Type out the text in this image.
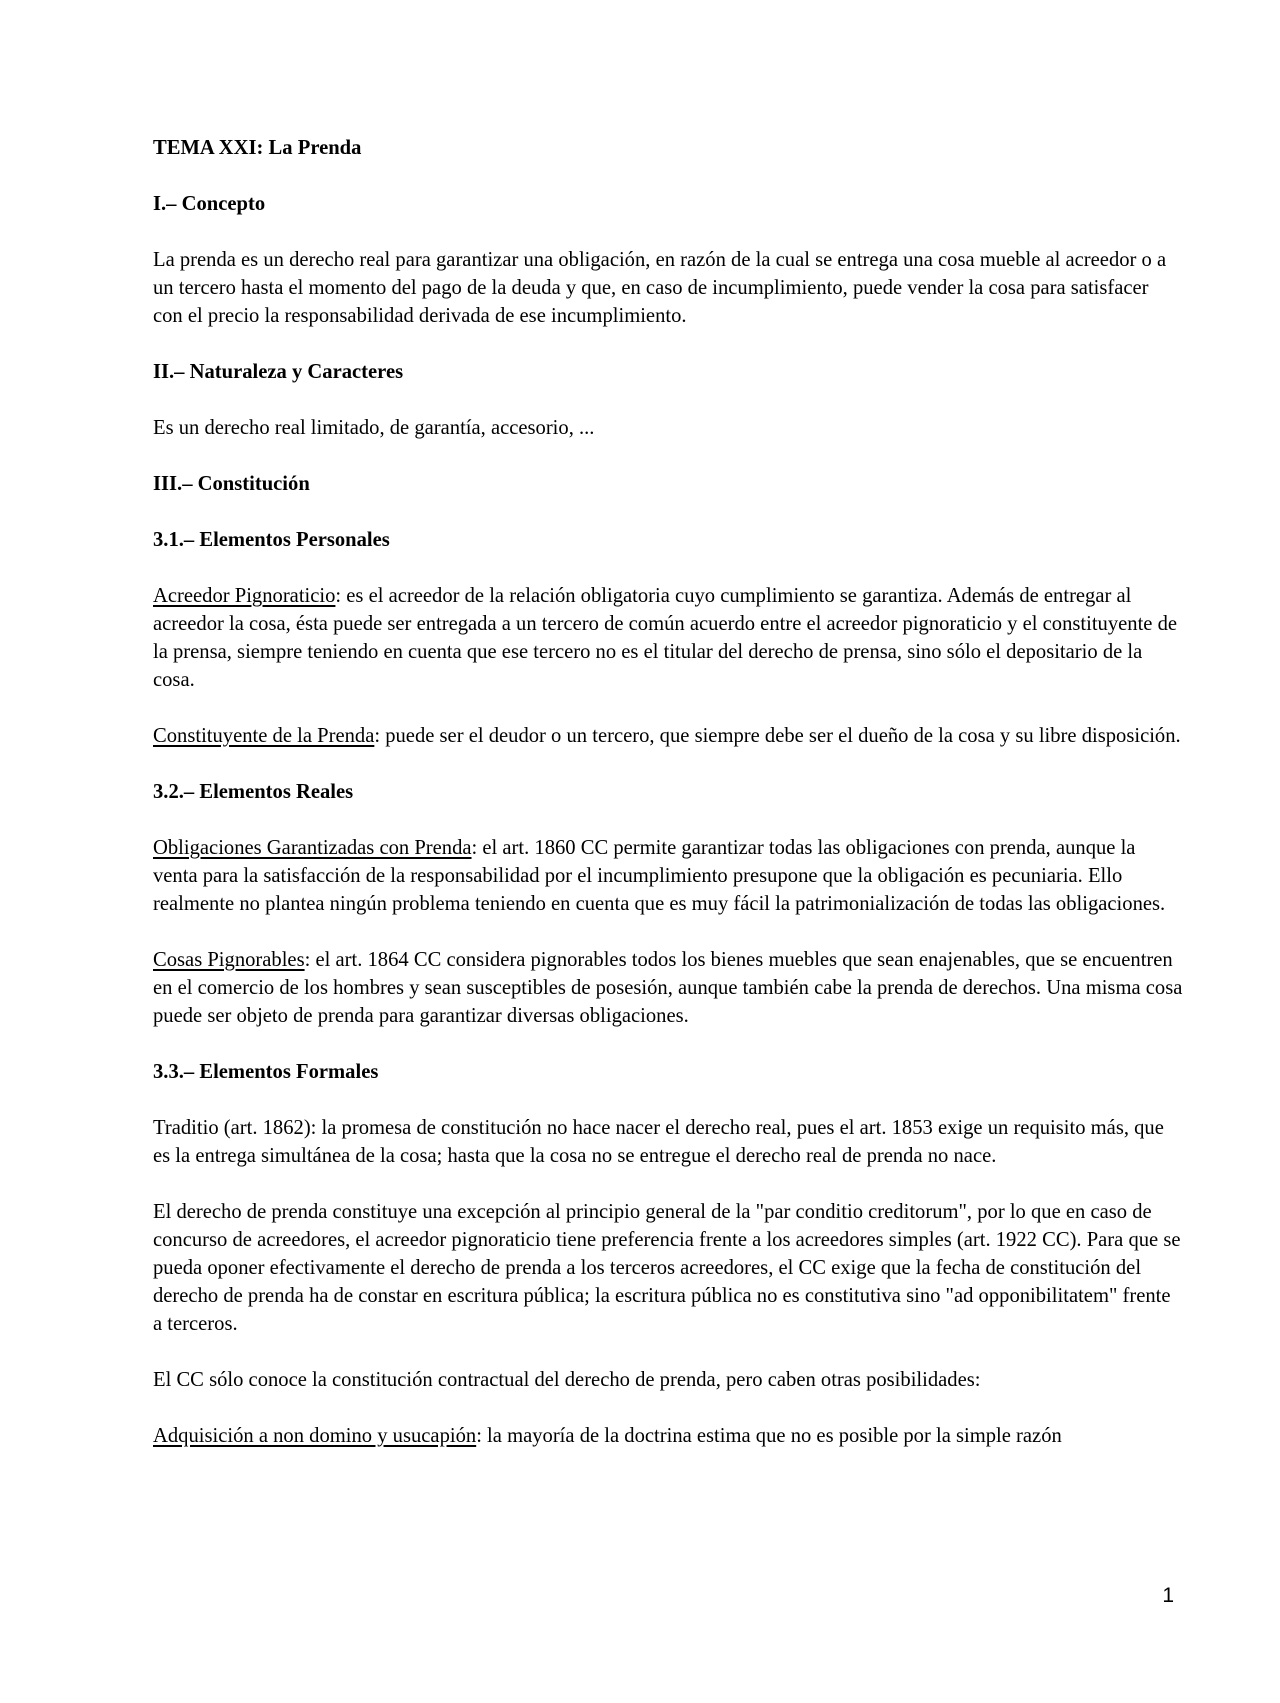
TEMA XXI: La Prenda
I.– Concepto
La prenda es un derecho real para garantizar una obligación, en razón de la cual se entrega una cosa mueble al acreedor o a un tercero hasta el momento del pago de la deuda y que, en caso de incumplimiento, puede vender la cosa para satisfacer con el precio la responsabilidad derivada de ese incumplimiento.
II.– Naturaleza y Caracteres
Es un derecho real limitado, de garantía, accesorio, ...
III.– Constitución
3.1.– Elementos Personales
Acreedor Pignoraticio: es el acreedor de la relación obligatoria cuyo cumplimiento se garantiza. Además de entregar al acreedor la cosa, ésta puede ser entregada a un tercero de común acuerdo entre el acreedor pignoraticio y el constituyente de la prensa, siempre teniendo en cuenta que ese tercero no es el titular del derecho de prensa, sino sólo el depositario de la cosa.
Constituyente de la Prenda: puede ser el deudor o un tercero, que siempre debe ser el dueño de la cosa y su libre disposición.
3.2.– Elementos Reales
Obligaciones Garantizadas con Prenda: el art. 1860 CC permite garantizar todas las obligaciones con prenda, aunque la venta para la satisfacción de la responsabilidad por el incumplimiento presupone que la obligación es pecuniaria. Ello realmente no plantea ningún problema teniendo en cuenta que es muy fácil la patrimonialización de todas las obligaciones.
Cosas Pignorables: el art. 1864 CC considera pignorables todos los bienes muebles que sean enajenables, que se encuentren en el comercio de los hombres y sean susceptibles de posesión, aunque también cabe la prenda de derechos. Una misma cosa puede ser objeto de prenda para garantizar diversas obligaciones.
3.3.– Elementos Formales
Traditio (art. 1862): la promesa de constitución no hace nacer el derecho real, pues el art. 1853 exige un requisito más, que es la entrega simultánea de la cosa; hasta que la cosa no se entregue el derecho real de prenda no nace.
El derecho de prenda constituye una excepción al principio general de la "par conditio creditorum", por lo que en caso de concurso de acreedores, el acreedor pignoraticio tiene preferencia frente a los acreedores simples (art. 1922 CC). Para que se pueda oponer efectivamente el derecho de prenda a los terceros acreedores, el CC exige que la fecha de constitución del derecho de prenda ha de constar en escritura pública; la escritura pública no es constitutiva sino "ad opponibilitatem" frente a terceros.
El CC sólo conoce la constitución contractual del derecho de prenda, pero caben otras posibilidades:
Adquisición a non domino y usucapión: la mayoría de la doctrina estima que no es posible por la simple razón
1
